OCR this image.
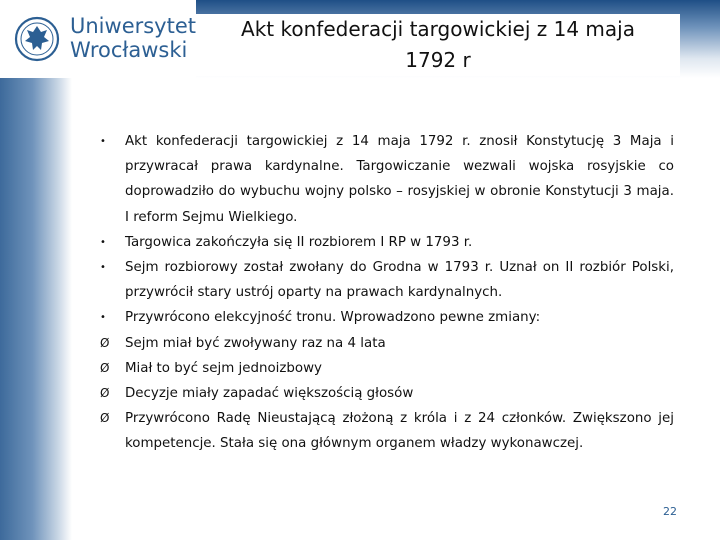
Uniwersytet
Wrocławski
Akt konfederacji targowickiej z 14 maja
1792 r
•	Akt konfederacji targowickiej z 14 maja 1792 r. znosił Konstytucję 3 Maja i przywracał prawa kardynalne. Targowiczanie wezwali wojska rosyjskie co doprowadziło do wybuchu wojny polsko – rosyjskiej w obronie Konstytucji 3 maja. I reform Sejmu Wielkiego.
•	Targowica zakończyła się II rozbiorem I RP w 1793 r.
•	Sejm rozbiorowy został zwołany do Grodna w 1793 r. Uznał on II rozbiór Polski, przywrócił stary ustrój oparty na prawach kardynalnych.
•	Przywrócono elekcyjność tronu. Wprowadzono pewne zmiany:
Ø	Sejm miał być zwoływany raz na 4 lata
Ø	Miał to być sejm jednoizbowy
Ø	Decyzje miały zapadać większością głosów
Ø	Przywrócono Radę Nieustającą złożoną z króla i z 24 członków. Zwiększono jej kompetencje. Stała się ona głównym organem władzy wykonawczej.
22
